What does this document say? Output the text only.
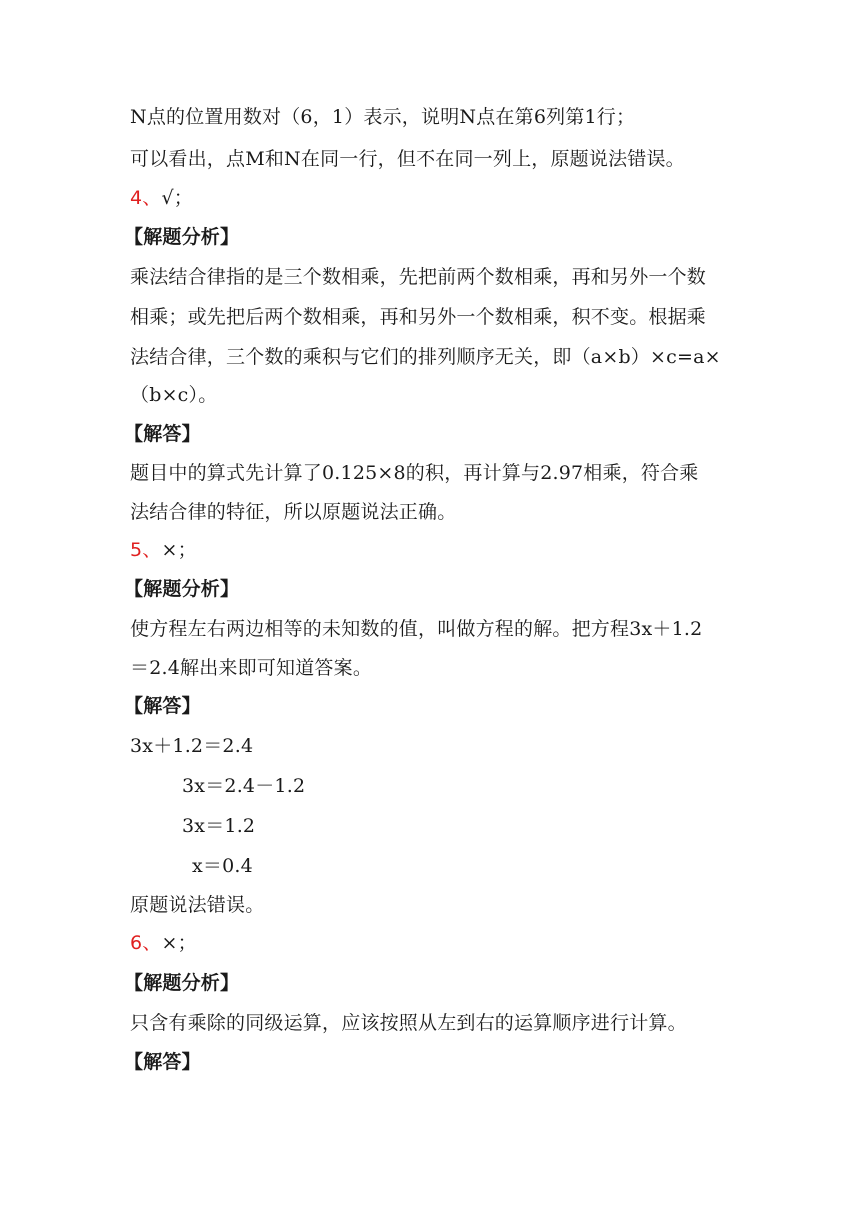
N点的位置用数对（6，1）表示，说明N点在第6列第1行；
可以看出，点M和N在同一行，但不在同一列上，原题说法错误。
4、√；
【解题分析】
乘法结合律指的是三个数相乘，先把前两个数相乘，再和另外一个数
相乘；或先把后两个数相乘，再和另外一个数相乘，积不变。根据乘
法结合律，三个数的乘积与它们的排列顺序无关，即（a×b）×c=a×
（b×c）。
【解答】
题目中的算式先计算了0.125×8的积，再计算与2.97相乘，符合乘
法结合律的特征，所以原题说法正确。
5、×；
【解题分析】
使方程左右两边相等的未知数的值，叫做方程的解。把方程3x＋1.2
＝2.4解出来即可知道答案。
【解答】
3x＋1.2＝2.4
3x＝2.4－1.2
3x＝1.2
x＝0.4
原题说法错误。
6、×；
【解题分析】
只含有乘除的同级运算，应该按照从左到右的运算顺序进行计算。
【解答】
